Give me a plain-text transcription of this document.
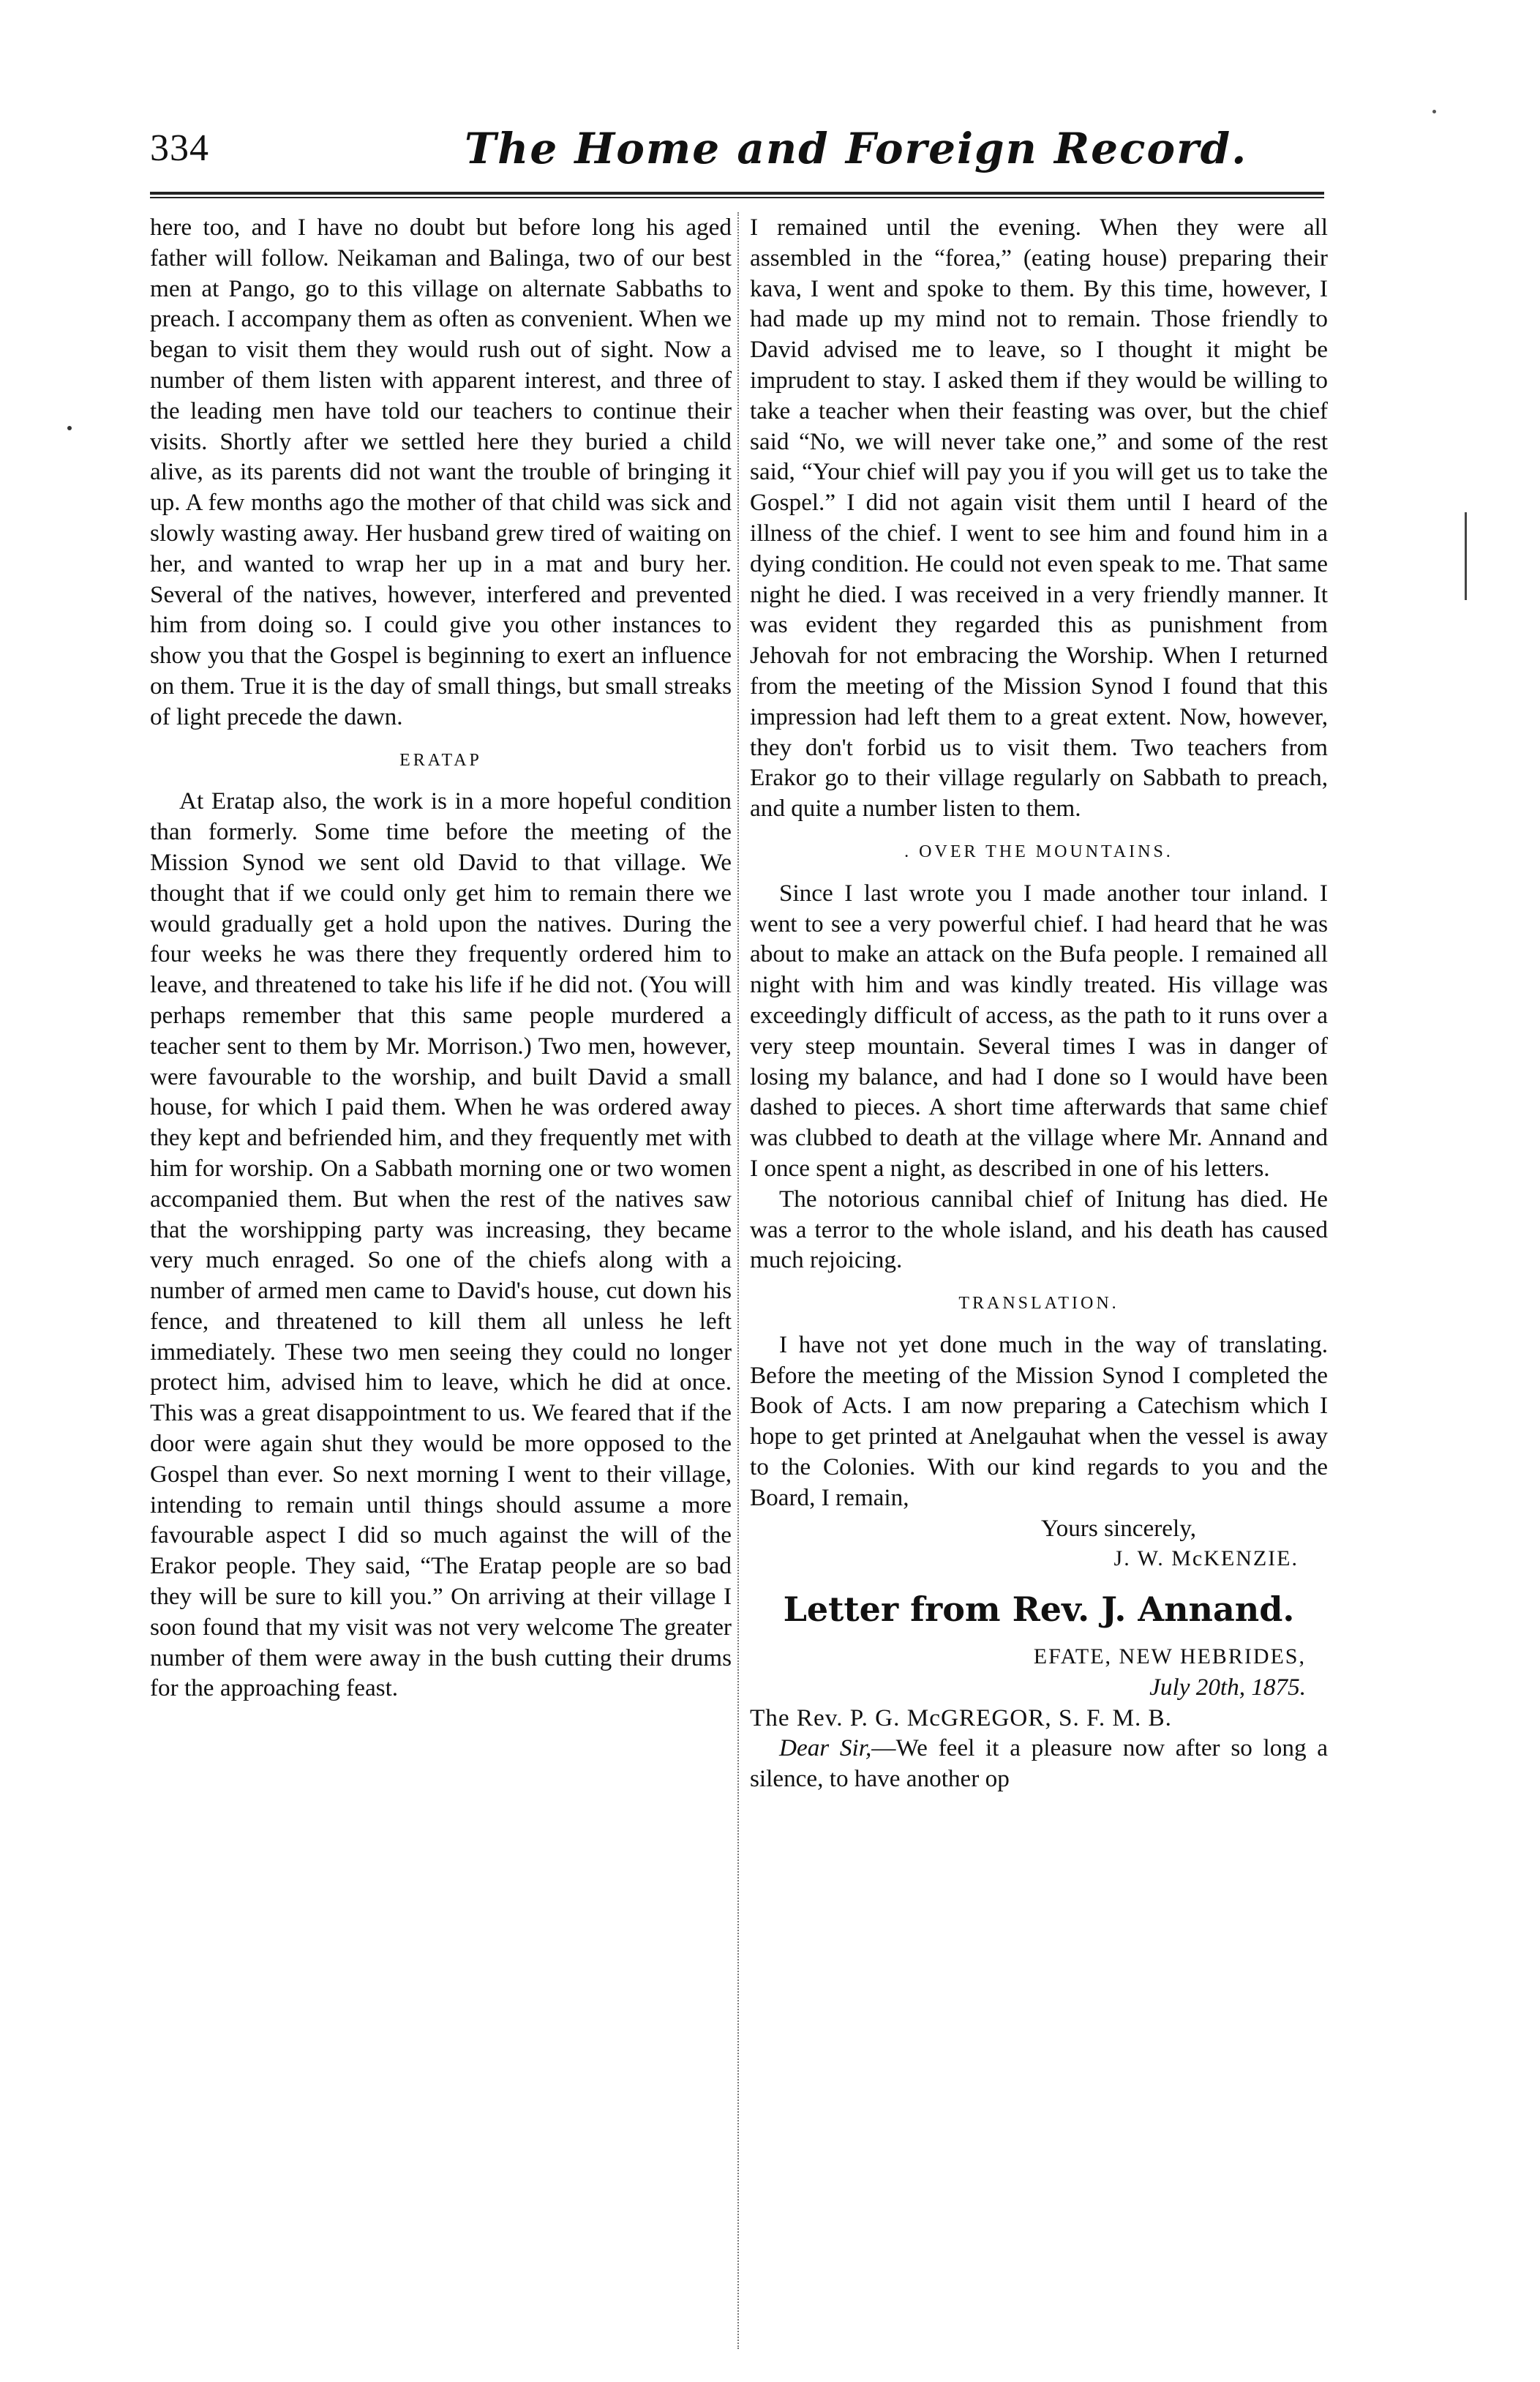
334	The Home and Foreign Record.

here too, and I have no doubt but before long his aged father will follow. Neikaman and Balinga, two of our best men at Pango, go to this village on alternate Sabbaths to preach. I accompany them as often as convenient. When we began to visit them they would rush out of sight. Now a number of them listen with apparent interest, and three of the leading men have told our teachers to continue their visits. Shortly after we settled here they buried a child alive, as its parents did not want the trouble of bringing it up. A few months ago the mother of that child was sick and slowly wasting away. Her husband grew tired of waiting on her, and wanted to wrap her up in a mat and bury her. Several of the natives, however, interfered and prevented him from doing so. I could give you other instances to show you that the Gospel is beginning to exert an influence on them. True it is the day of small things, but small streaks of light precede the dawn.

ERATAP

At Eratap also, the work is in a more hopeful condition than formerly. Some time before the meeting of the Mission Synod we sent old David to that village. We thought that if we could only get him to remain there we would gradually get a hold upon the natives. During the four weeks he was there they frequently ordered him to leave, and threatened to take his life if he did not. (You will perhaps remember that this same people murdered a teacher sent to them by Mr. Morrison.) Two men, however, were favourable to the worship, and built David a small house, for which I paid them. When he was ordered away they kept and befriended him, and they frequently met with him for worship. On a Sabbath morning one or two women accompanied them. But when the rest of the natives saw that the worshipping party was increasing, they became very much enraged. So one of the chiefs along with a number of armed men came to David's house, cut down his fence, and threatened to kill them all unless he left immediately. These two men seeing they could no longer protect him, advised him to leave, which he did at once. This was a great disappointment to us. We feared that if the door were again shut they would be more opposed to the Gospel than ever. So next morning I went to their village, intending to remain until things should assume a more favourable aspect I did so much against the will of the Erakor people. They said, “The Eratap people are so bad they will be sure to kill you.” On arriving at their village I soon found that my visit was not very welcome The greater number of them were away in the bush cutting their drums for the approaching feast.

I remained until the evening. When they were all assembled in the “forea,” (eating house) preparing their kava, I went and spoke to them. By this time, however, I had made up my mind not to remain. Those friendly to David advised me to leave, so I thought it might be imprudent to stay. I asked them if they would be willing to take a teacher when their feasting was over, but the chief said “No, we will never take one,” and some of the rest said, “Your chief will pay you if you will get us to take the Gospel.” I did not again visit them until I heard of the illness of the chief. I went to see him and found him in a dying condition. He could not even speak to me. That same night he died. I was received in a very friendly manner. It was evident they regarded this as punishment from Jehovah for not embracing the Worship. When I returned from the meeting of the Mission Synod I found that this impression had left them to a great extent. Now, however, they don't forbid us to visit them. Two teachers from Erakor go to their village regularly on Sabbath to preach, and quite a number listen to them.

. OVER THE MOUNTAINS.

Since I last wrote you I made another tour inland. I went to see a very powerful chief. I had heard that he was about to make an attack on the Bufa people. I remained all night with him and was kindly treated. His village was exceedingly difficult of access, as the path to it runs over a very steep mountain. Several times I was in danger of losing my balance, and had I done so I would have been dashed to pieces. A short time afterwards that same chief was clubbed to death at the village where Mr. Annand and I once spent a night, as described in one of his letters.

The notorious cannibal chief of Initung has died. He was a terror to the whole island, and his death has caused much rejoicing.

TRANSLATION.

I have not yet done much in the way of translating. Before the meeting of the Mission Synod I completed the Book of Acts. I am now preparing a Catechism which I hope to get printed at Anelgauhat when the vessel is away to the Colonies. With our kind regards to you and the Board, I remain,

Yours sincerely,
J. W. McKENZIE.
Letter from Rev. J. Annand.
EFATE, NEW HEBRIDES,
July 20th, 1875.
The Rev. P. G. McGREGOR, S. F. M. B.

Dear Sir,—We feel it a pleasure now after so long a silence, to have another op
